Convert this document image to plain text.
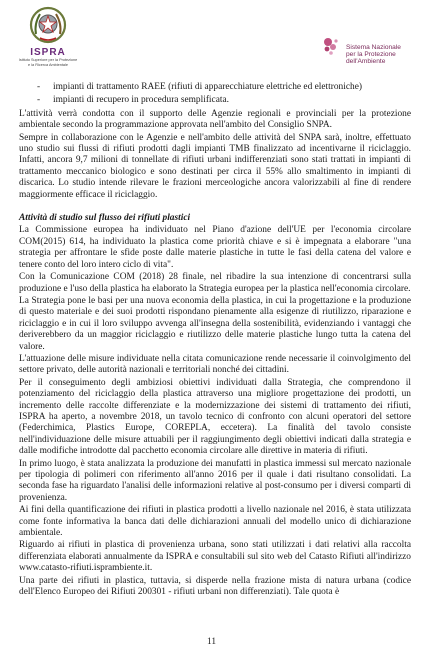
ISPRA
Istituto Superiore per la Protezione
e la Ricerca Ambientale
Sistema Nazionale
per la Protezione
dell'Ambiente
- impianti di trattamento RAEE (rifiuti di apparecchiature elettriche ed elettroniche)
- impianti di recupero in procedura semplificata.

L'attività verrà condotta con il supporto delle Agenzie regionali e provinciali per la protezione ambientale secondo la programmazione approvata nell'ambito del Consiglio SNPA.

Sempre in collaborazione con le Agenzie e nell'ambito delle attività del SNPA sarà, inoltre, effettuato uno studio sui flussi di rifiuti prodotti dagli impianti TMB finalizzato ad incentivarne il riciclaggio. Infatti, ancora 9,7 milioni di tonnellate di rifiuti urbani indifferenziati sono stati trattati in impianti di trattamento meccanico biologico e sono destinati per circa il 55% allo smaltimento in impianti di discarica. Lo studio intende rilevare le frazioni merceologiche ancora valorizzabili al fine di rendere maggiormente efficace il riciclaggio.

Attività di studio sul flusso dei rifiuti plastici

La Commissione europea ha individuato nel Piano d'azione dell'UE per l'economia circolare COM(2015) 614, ha individuato la plastica come priorità chiave e si è impegnata a elaborare "una strategia per affrontare le sfide poste dalle materie plastiche in tutte le fasi della catena del valore e tenere conto del loro intero ciclo di vita".

Con la Comunicazione COM (2018) 28 finale, nel ribadire la sua intenzione di concentrarsi sulla produzione e l'uso della plastica ha elaborato la Strategia europea per la plastica nell'economia circolare.

La Strategia pone le basi per una nuova economia della plastica, in cui la progettazione e la produzione di questo materiale e dei suoi prodotti rispondano pienamente alla esigenze di riutilizzo, riparazione e riciclaggio e in cui il loro sviluppo avvenga all'insegna della sostenibilità, evidenziando i vantaggi che deriverebbero da un maggior riciclaggio e riutilizzo delle materie plastiche lungo tutta la catena del valore.

L'attuazione delle misure individuate nella citata comunicazione rende necessarie il coinvolgimento del settore privato, delle autorità nazionali e territoriali nonché dei cittadini.

Per il conseguimento degli ambiziosi obiettivi individuati dalla Strategia, che comprendono il potenziamento del riciclaggio della plastica attraverso una migliore progettazione dei prodotti, un incremento delle raccolte differenziate e la modernizzazione dei sistemi di trattamento dei rifiuti, ISPRA ha aperto, a novembre 2018, un tavolo tecnico di confronto con alcuni operatori del settore (Federchimica, Plastics Europe, COREPLA, eccetera). La finalità del tavolo consiste nell'individuazione delle misure attuabili per il raggiungimento degli obiettivi indicati dalla strategia e dalle modifiche introdotte dal pacchetto economia circolare alle direttive in materia di rifiuti.

In primo luogo, è stata analizzata la produzione dei manufatti in plastica immessi sul mercato nazionale per tipologia di polimeri con riferimento all'anno 2016 per il quale i dati risultano consolidati. La seconda fase ha riguardato l'analisi delle informazioni relative al post-consumo per i diversi comparti di provenienza.

Ai fini della quantificazione dei rifiuti in plastica prodotti a livello nazionale nel 2016, è stata utilizzata come fonte informativa la banca dati delle dichiarazioni annuali del modello unico di dichiarazione ambientale.

Riguardo ai rifiuti in plastica di provenienza urbana, sono stati utilizzati i dati relativi alla raccolta differenziata elaborati annualmente da ISPRA e consultabili sul sito web del Catasto Rifiuti all'indirizzo www.catasto-rifiuti.isprambiente.it.

Una parte dei rifiuti in plastica, tuttavia, si disperde nella frazione mista di natura urbana (codice dell'Elenco Europeo dei Rifiuti 200301 - rifiuti urbani non differenziati). Tale quota è

11
